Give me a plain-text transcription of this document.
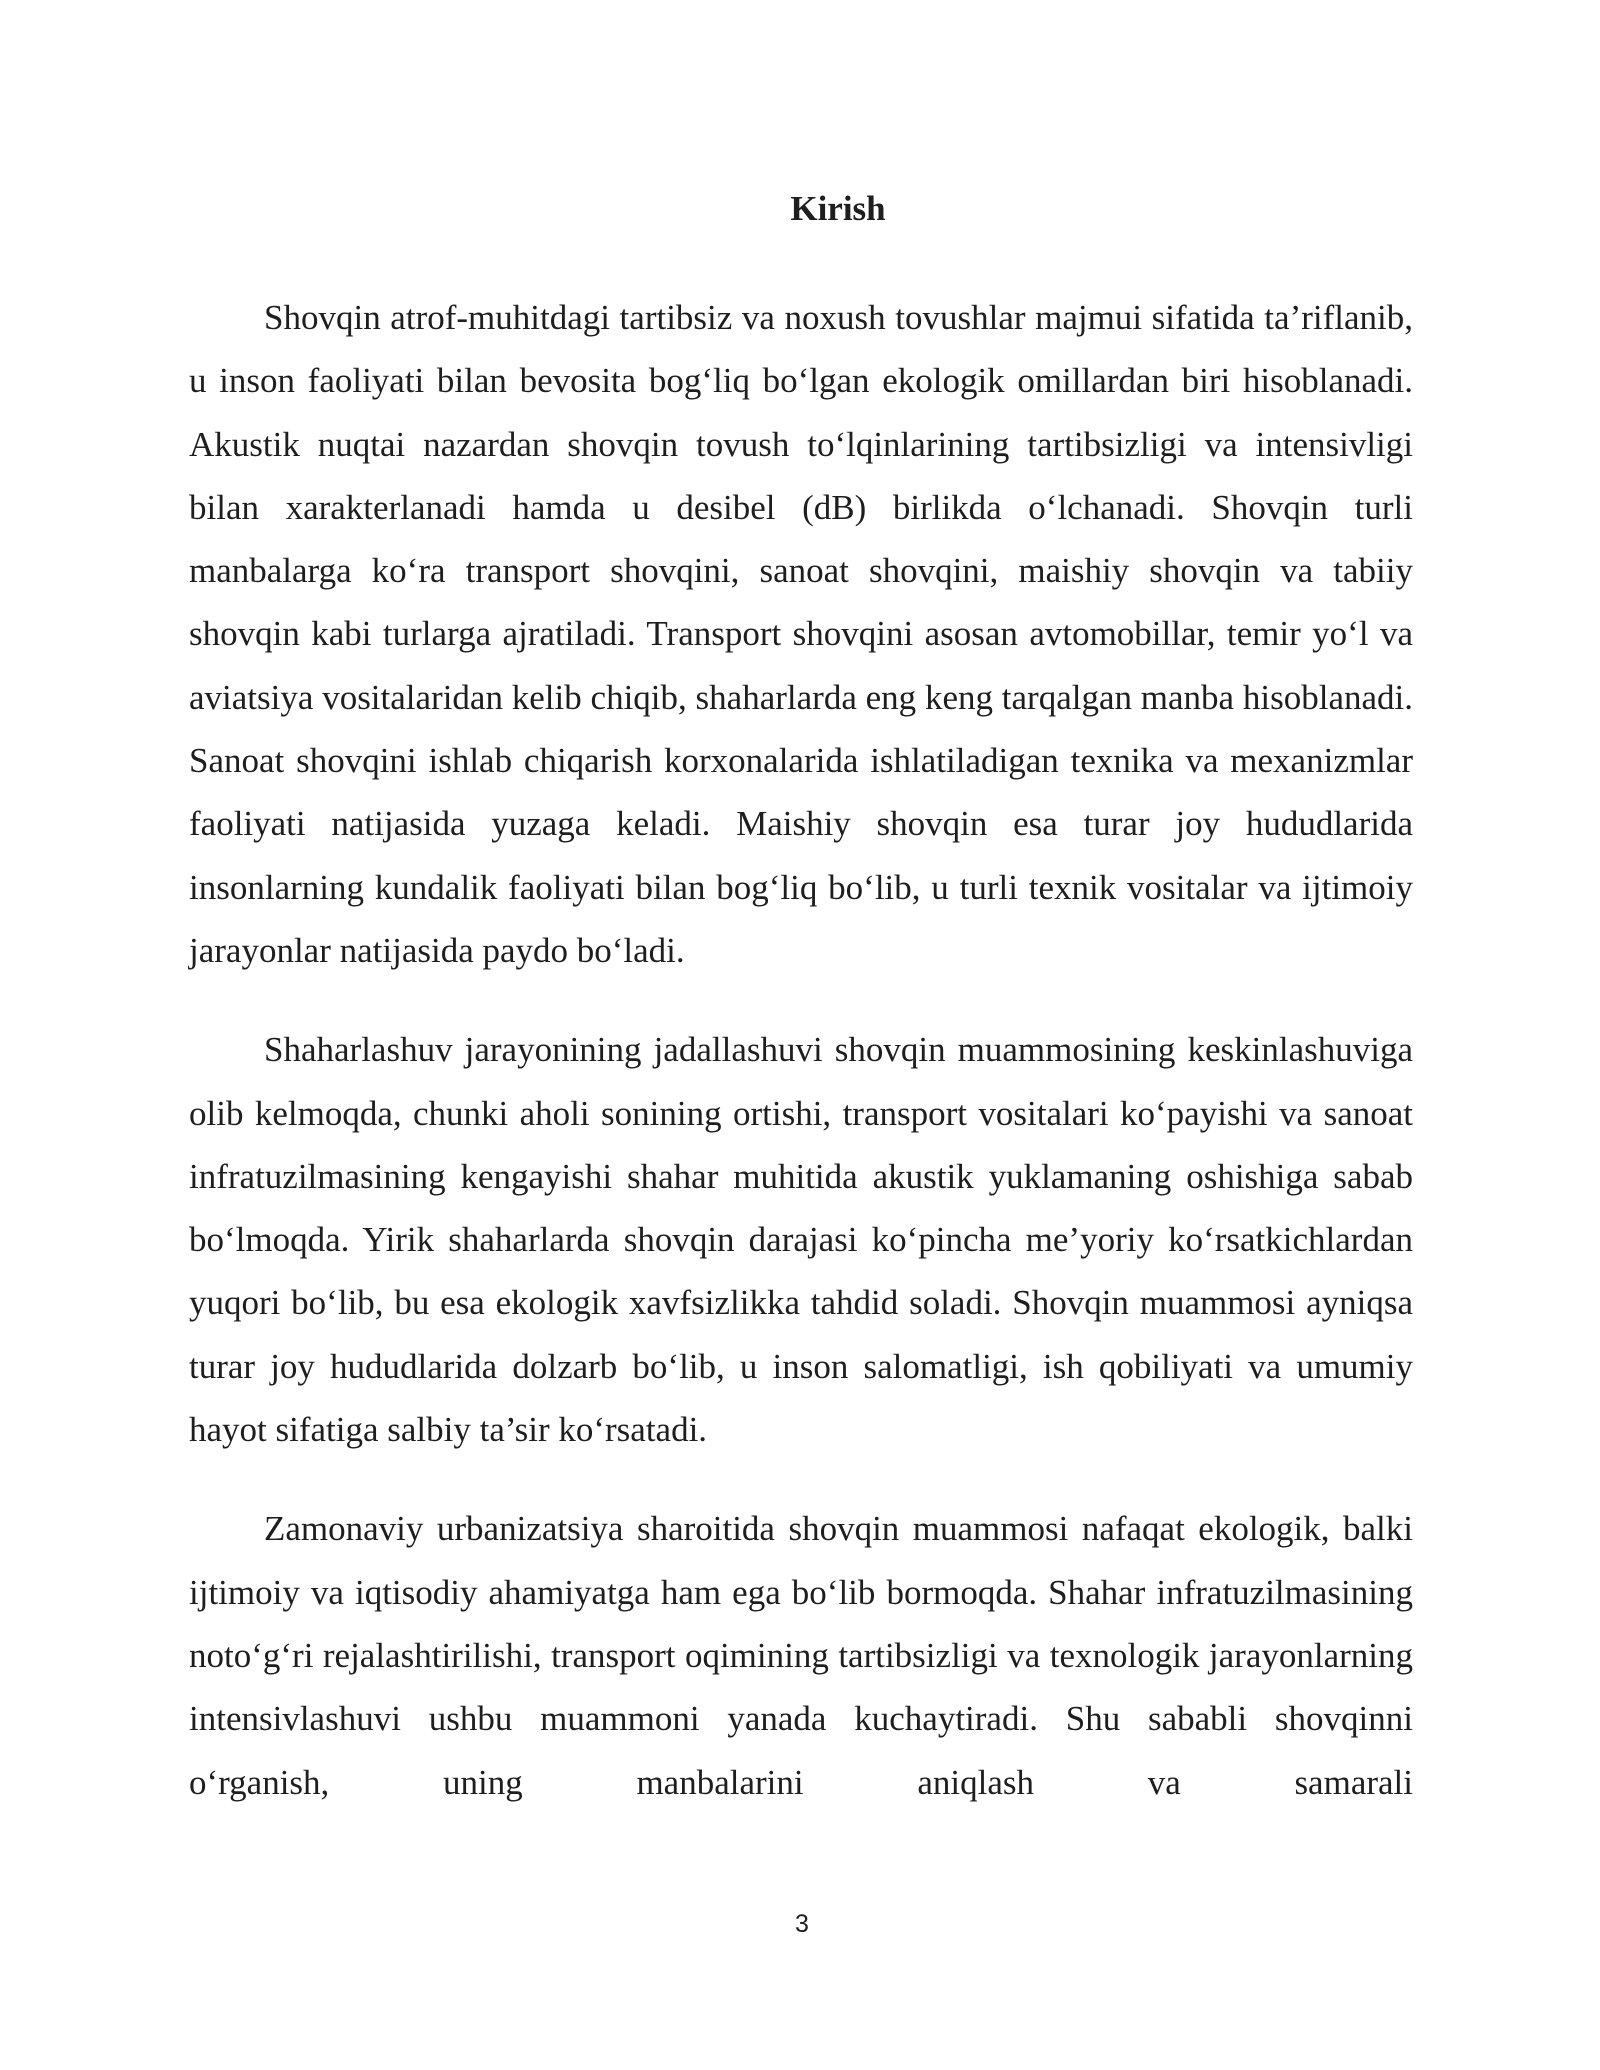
Kirish

Shovqin atrof-muhitdagi tartibsiz va noxush tovushlar majmui sifatida ta’riflanib, u inson faoliyati bilan bevosita bog‘liq bo‘lgan ekologik omillardan biri hisoblanadi. Akustik nuqtai nazardan shovqin tovush to‘lqinlarining tartibsizligi va intensivligi bilan xarakterlanadi hamda u desibel (dB) birlikda o‘lchanadi. Shovqin turli manbalarga ko‘ra transport shovqini, sanoat shovqini, maishiy shovqin va tabiiy shovqin kabi turlarga ajratiladi. Transport shovqini asosan avtomobillar, temir yo‘l va aviatsiya vositalaridan kelib chiqib, shaharlarda eng keng tarqalgan manba hisoblanadi. Sanoat shovqini ishlab chiqarish korxonalarida ishlatiladigan texnika va mexanizmlar faoliyati natijasida yuzaga keladi. Maishiy shovqin esa turar joy hududlarida insonlarning kundalik faoliyati bilan bog‘liq bo‘lib, u turli texnik vositalar va ijtimoiy jarayonlar natijasida paydo bo‘ladi.

Shaharlashuv jarayonining jadallashuvi shovqin muammosining keskinlashuviga olib kelmoqda, chunki aholi sonining ortishi, transport vositalari ko‘payishi va sanoat infratuzilmasining kengayishi shahar muhitida akustik yuklamaning oshishiga sabab bo‘lmoqda. Yirik shaharlarda shovqin darajasi ko‘pincha me’yoriy ko‘rsatkichlardan yuqori bo‘lib, bu esa ekologik xavfsizlikka tahdid soladi. Shovqin muammosi ayniqsa turar joy hududlarida dolzarb bo‘lib, u inson salomatligi, ish qobiliyati va umumiy hayot sifatiga salbiy ta’sir ko‘rsatadi.

Zamonaviy urbanizatsiya sharoitida shovqin muammosi nafaqat ekologik, balki ijtimoiy va iqtisodiy ahamiyatga ham ega bo‘lib bormoqda. Shahar infratuzilmasining noto‘g‘ri rejalashtirilishi, transport oqimining tartibsizligi va texnologik jarayonlarning intensivlashuvi ushbu muammoni yanada kuchaytiradi. Shu sababli shovqinni o‘rganish, uning manbalarini aniqlash va samarali

3
